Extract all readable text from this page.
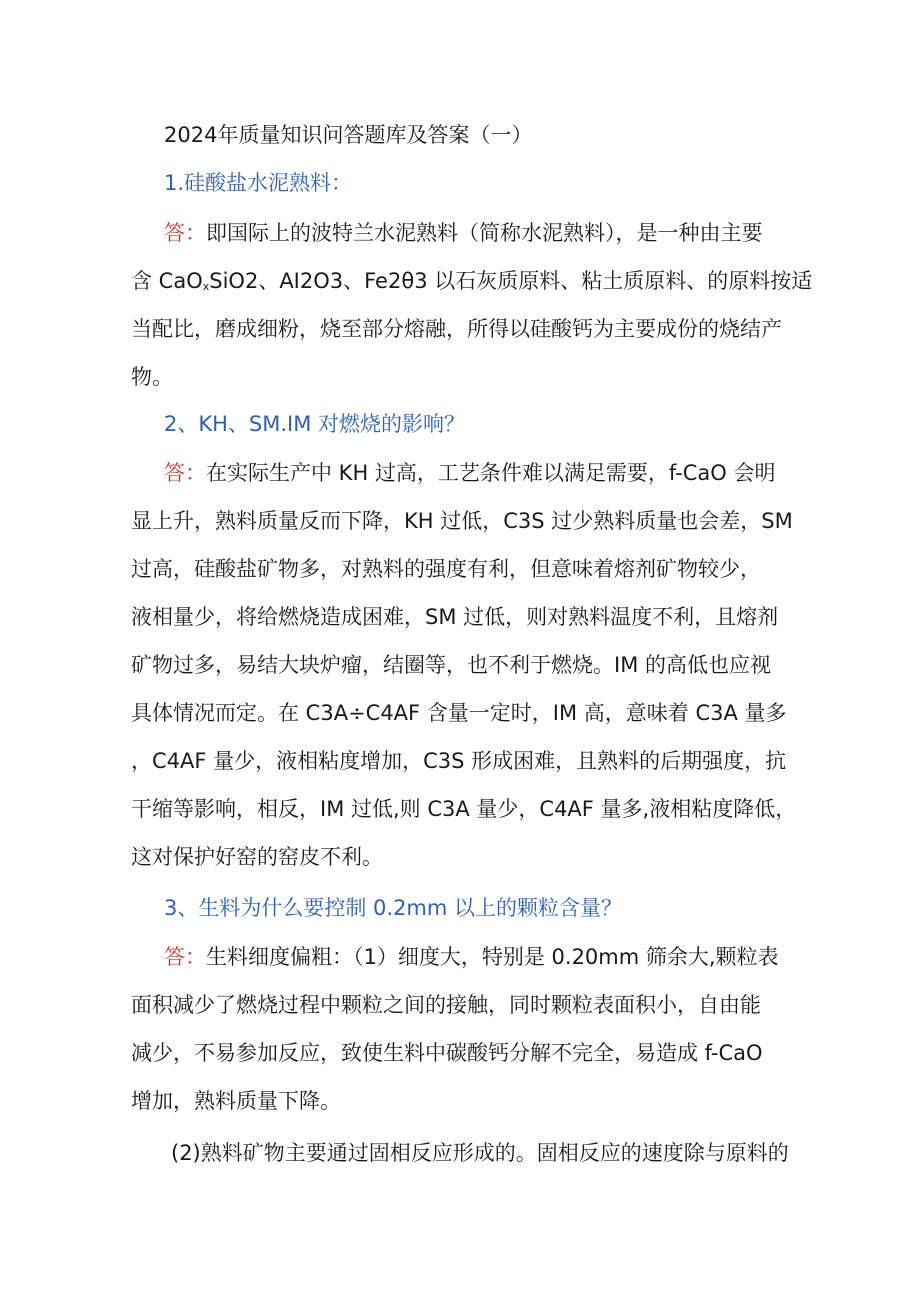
2024年质量知识问答题库及答案（一）
1.硅酸盐水泥熟料：
答：即国际上的波特兰水泥熟料（简称水泥熟料），是一种由主要
含 CaOxSiO2、AI2O3、Fe2θ3 以石灰质原料、粘土质原料、的原料按适
当配比，磨成细粉，烧至部分熔融，所得以硅酸钙为主要成份的烧结产
物。
2、KH、SM.IM 对燃烧的影响？
答：在实际生产中 KH 过高，工艺条件难以满足需要，f-CaO 会明
显上升，熟料质量反而下降，KH 过低，C3S 过少熟料质量也会差，SM
过高，硅酸盐矿物多，对熟料的强度有利，但意味着熔剂矿物较少，
液相量少，将给燃烧造成困难，SM 过低，则对熟料温度不利，且熔剂
矿物过多，易结大块炉瘤，结圈等，也不利于燃烧。IM 的高低也应视
具体情况而定。在 C3A÷C4AF 含量一定时，IM 高，意味着 C3A 量多
，C4AF 量少，液相粘度增加，C3S 形成困难，且熟料的后期强度，抗
干缩等影响，相反，IM 过低,则 C3A 量少，C4AF 量多,液相粘度降低，
这对保护好窑的窑皮不利。
3、生料为什么要控制 0.2mm 以上的颗粒含量？
答：生料细度偏粗：（1）细度大，特别是 0.20mm 筛余大,颗粒表
面积减少了燃烧过程中颗粒之间的接触，同时颗粒表面积小，自由能
减少，不易参加反应，致使生料中碳酸钙分解不完全，易造成 f-CaO
增加，熟料质量下降。
(2)熟料矿物主要通过固相反应形成的。固相反应的速度除与原料的
